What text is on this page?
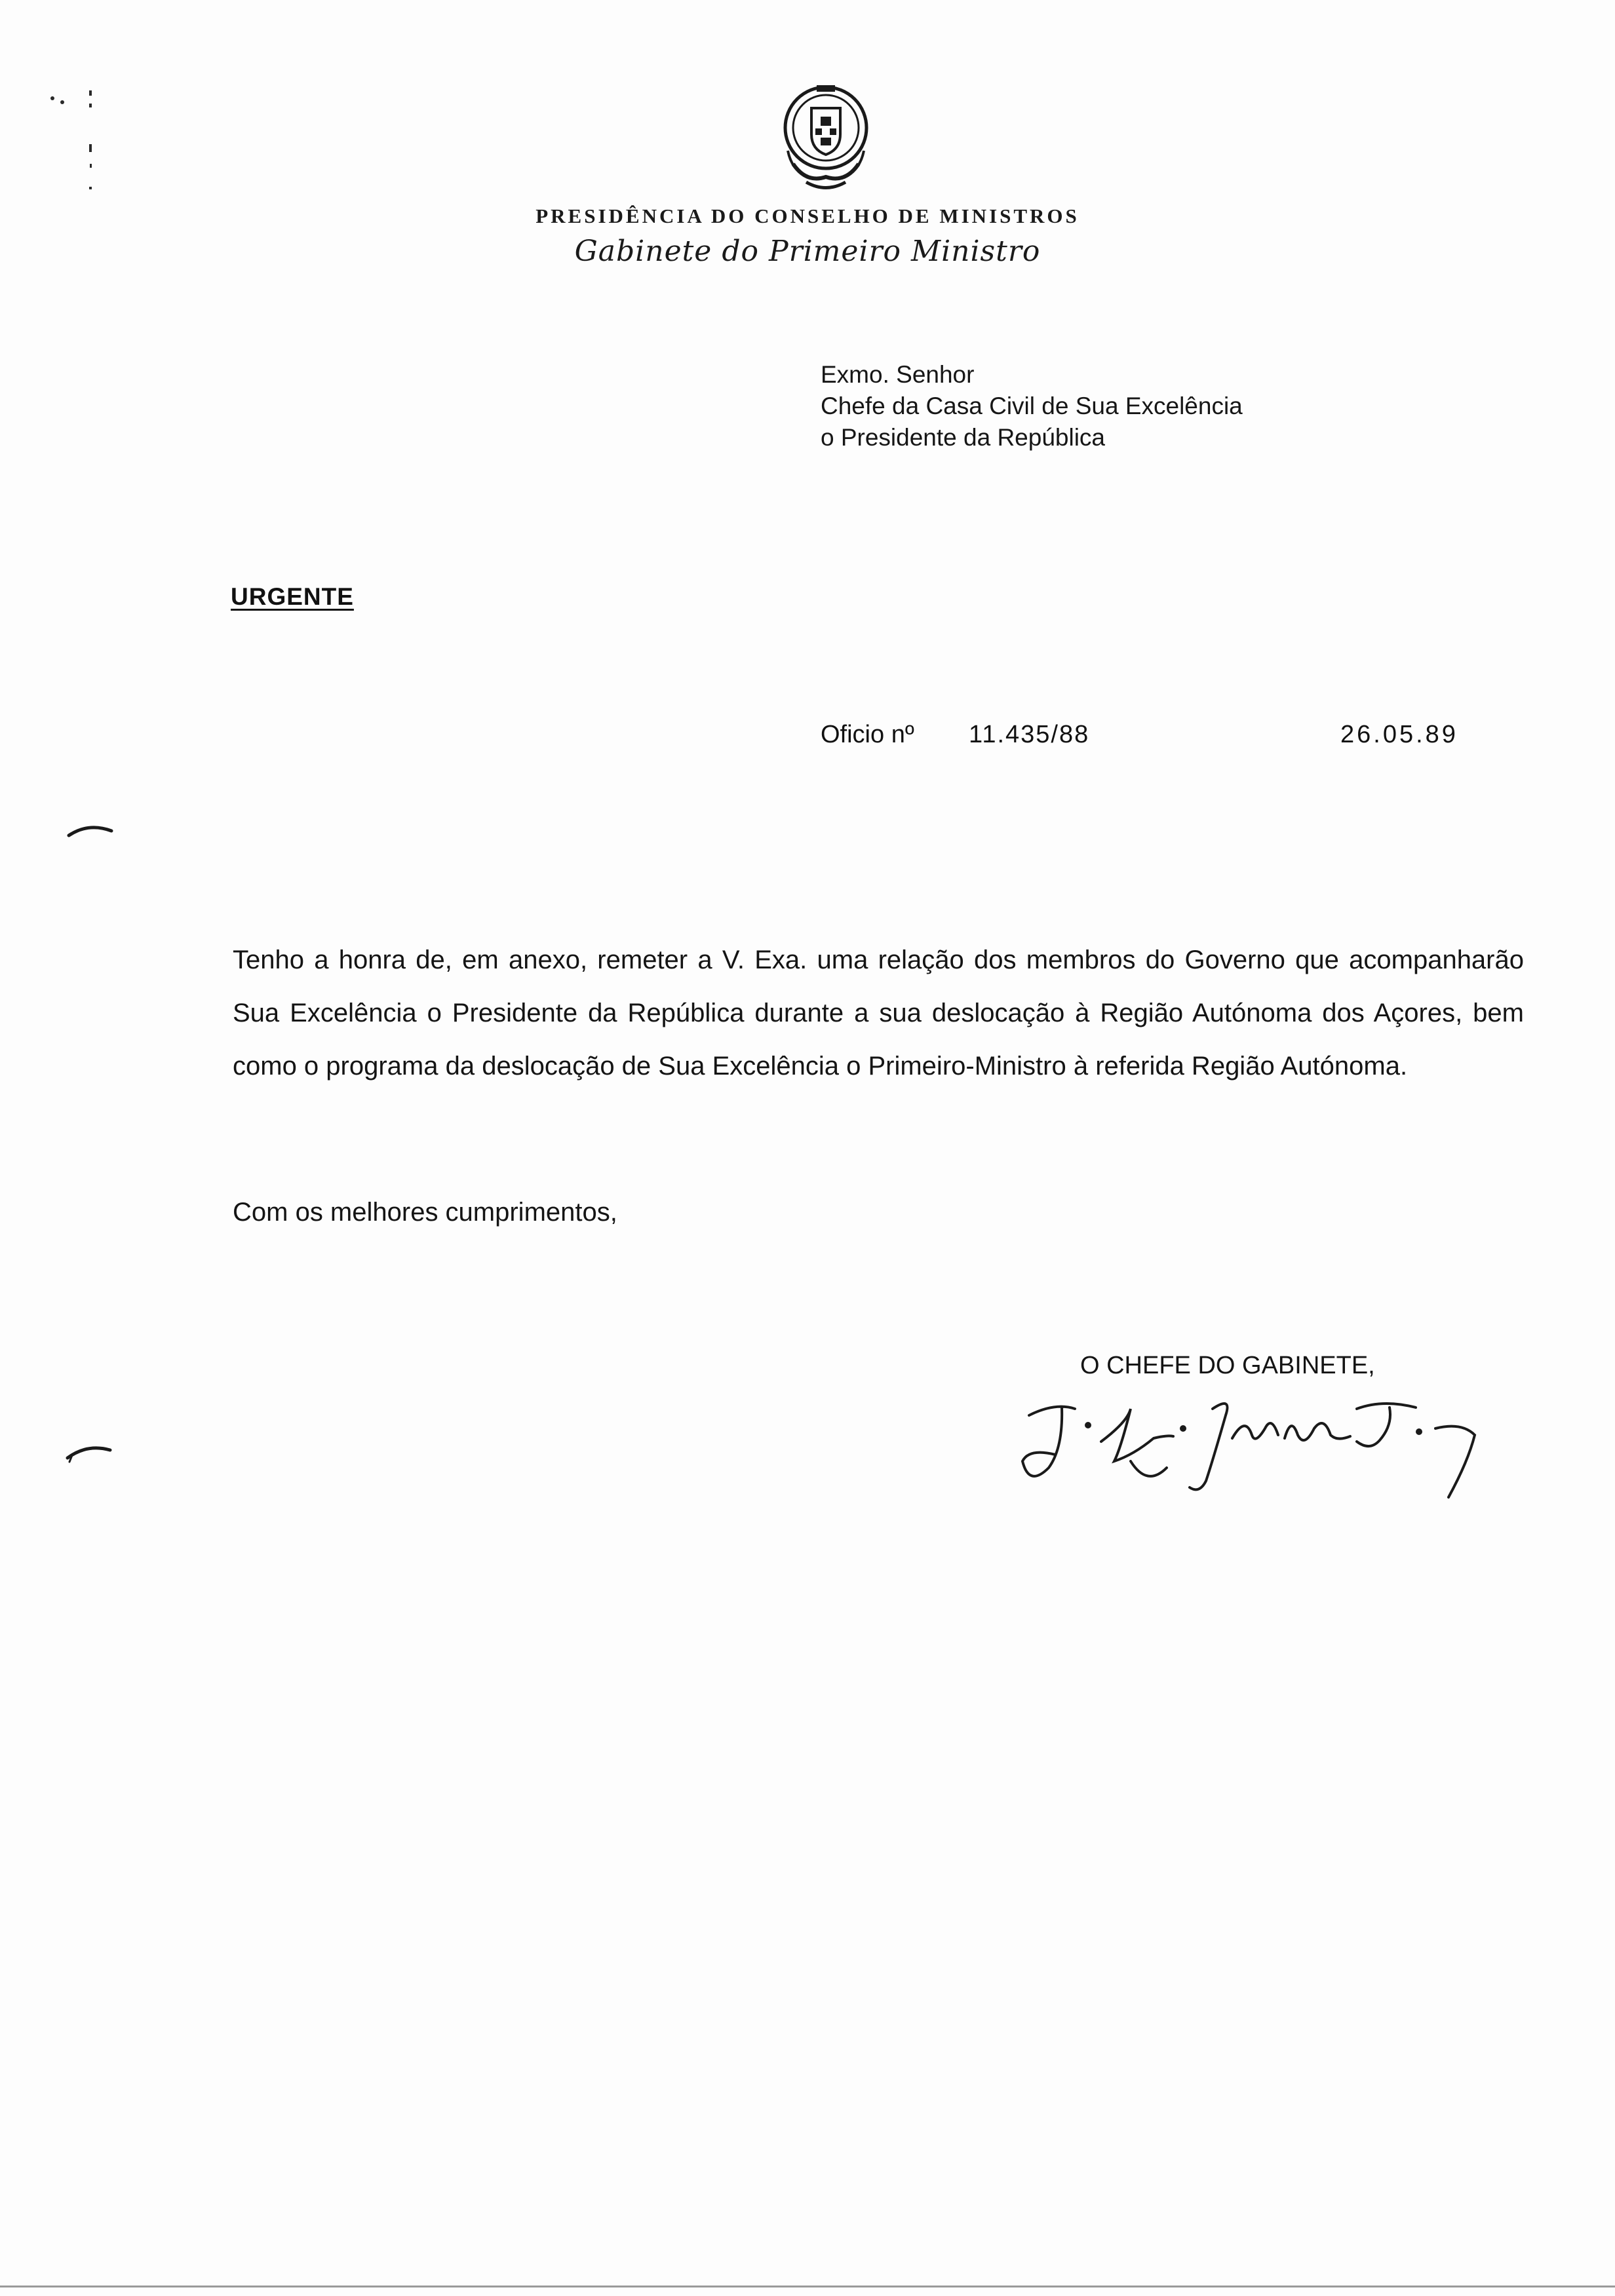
PRESIDÊNCIA DO CONSELHO DE MINISTROS
Gabinete do Primeiro Ministro
Exmo. Senhor
Chefe da Casa Civil de Sua Excelência
o Presidente da República
URGENTE
Oficio nº 11.435/88	26.05.89
Tenho a honra de, em anexo, remeter a V. Exa. uma relação dos membros do Governo que acompanharão Sua Excelência o Presidente da República durante a sua deslocação à Região Autónoma dos Açores, bem como o programa da deslocação de Sua Excelência o Primeiro-Ministro à referida Região Autónoma.
Com os melhores cumprimentos,
O CHEFE DO GABINETE,
